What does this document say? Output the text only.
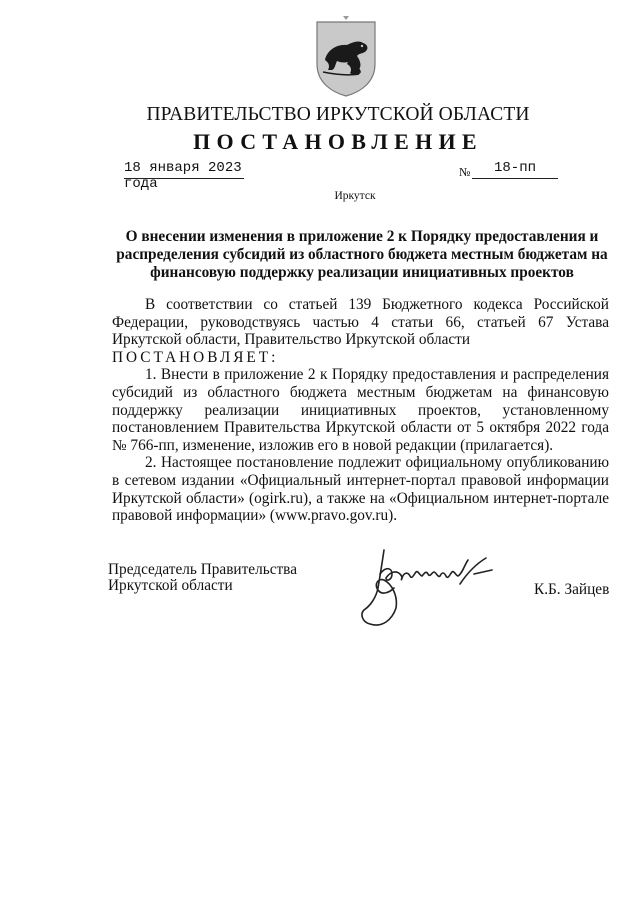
ПРАВИТЕЛЬСТВО ИРКУТСКОЙ ОБЛАСТИ
ПОСТАНОВЛЕНИЕ
18 января 2023 года
№	18-пп
Иркутск
О внесении изменения в приложение 2 к Порядку предоставления и
распределения субсидий из областного бюджета местным бюджетам на
финансовую поддержку реализации инициативных проектов

В соответствии со статьей 139 Бюджетного кодекса Российской Федерации, руководствуясь частью 4 статьи 66, статьей 67 Устава Иркутской области, Правительство Иркутской области

ПОСТАНОВЛЯЕТ:

1. Внести в приложение 2 к Порядку предоставления и распределения субсидий из областного бюджета местным бюджетам на финансовую поддержку реализации инициативных проектов, установленному постановлением Правительства Иркутской области от 5 октября 2022 года № 766-пп, изменение, изложив его в новой редакции (прилагается).

2. Настоящее постановление подлежит официальному опубликованию в сетевом издании «Официальный интернет-портал правовой информации Иркутской области» (ogirk.ru), а также на «Официальном интернет-портале правовой информации» (www.pravo.gov.ru).

Председатель Правительства
Иркутской области	К.Б. Зайцев
